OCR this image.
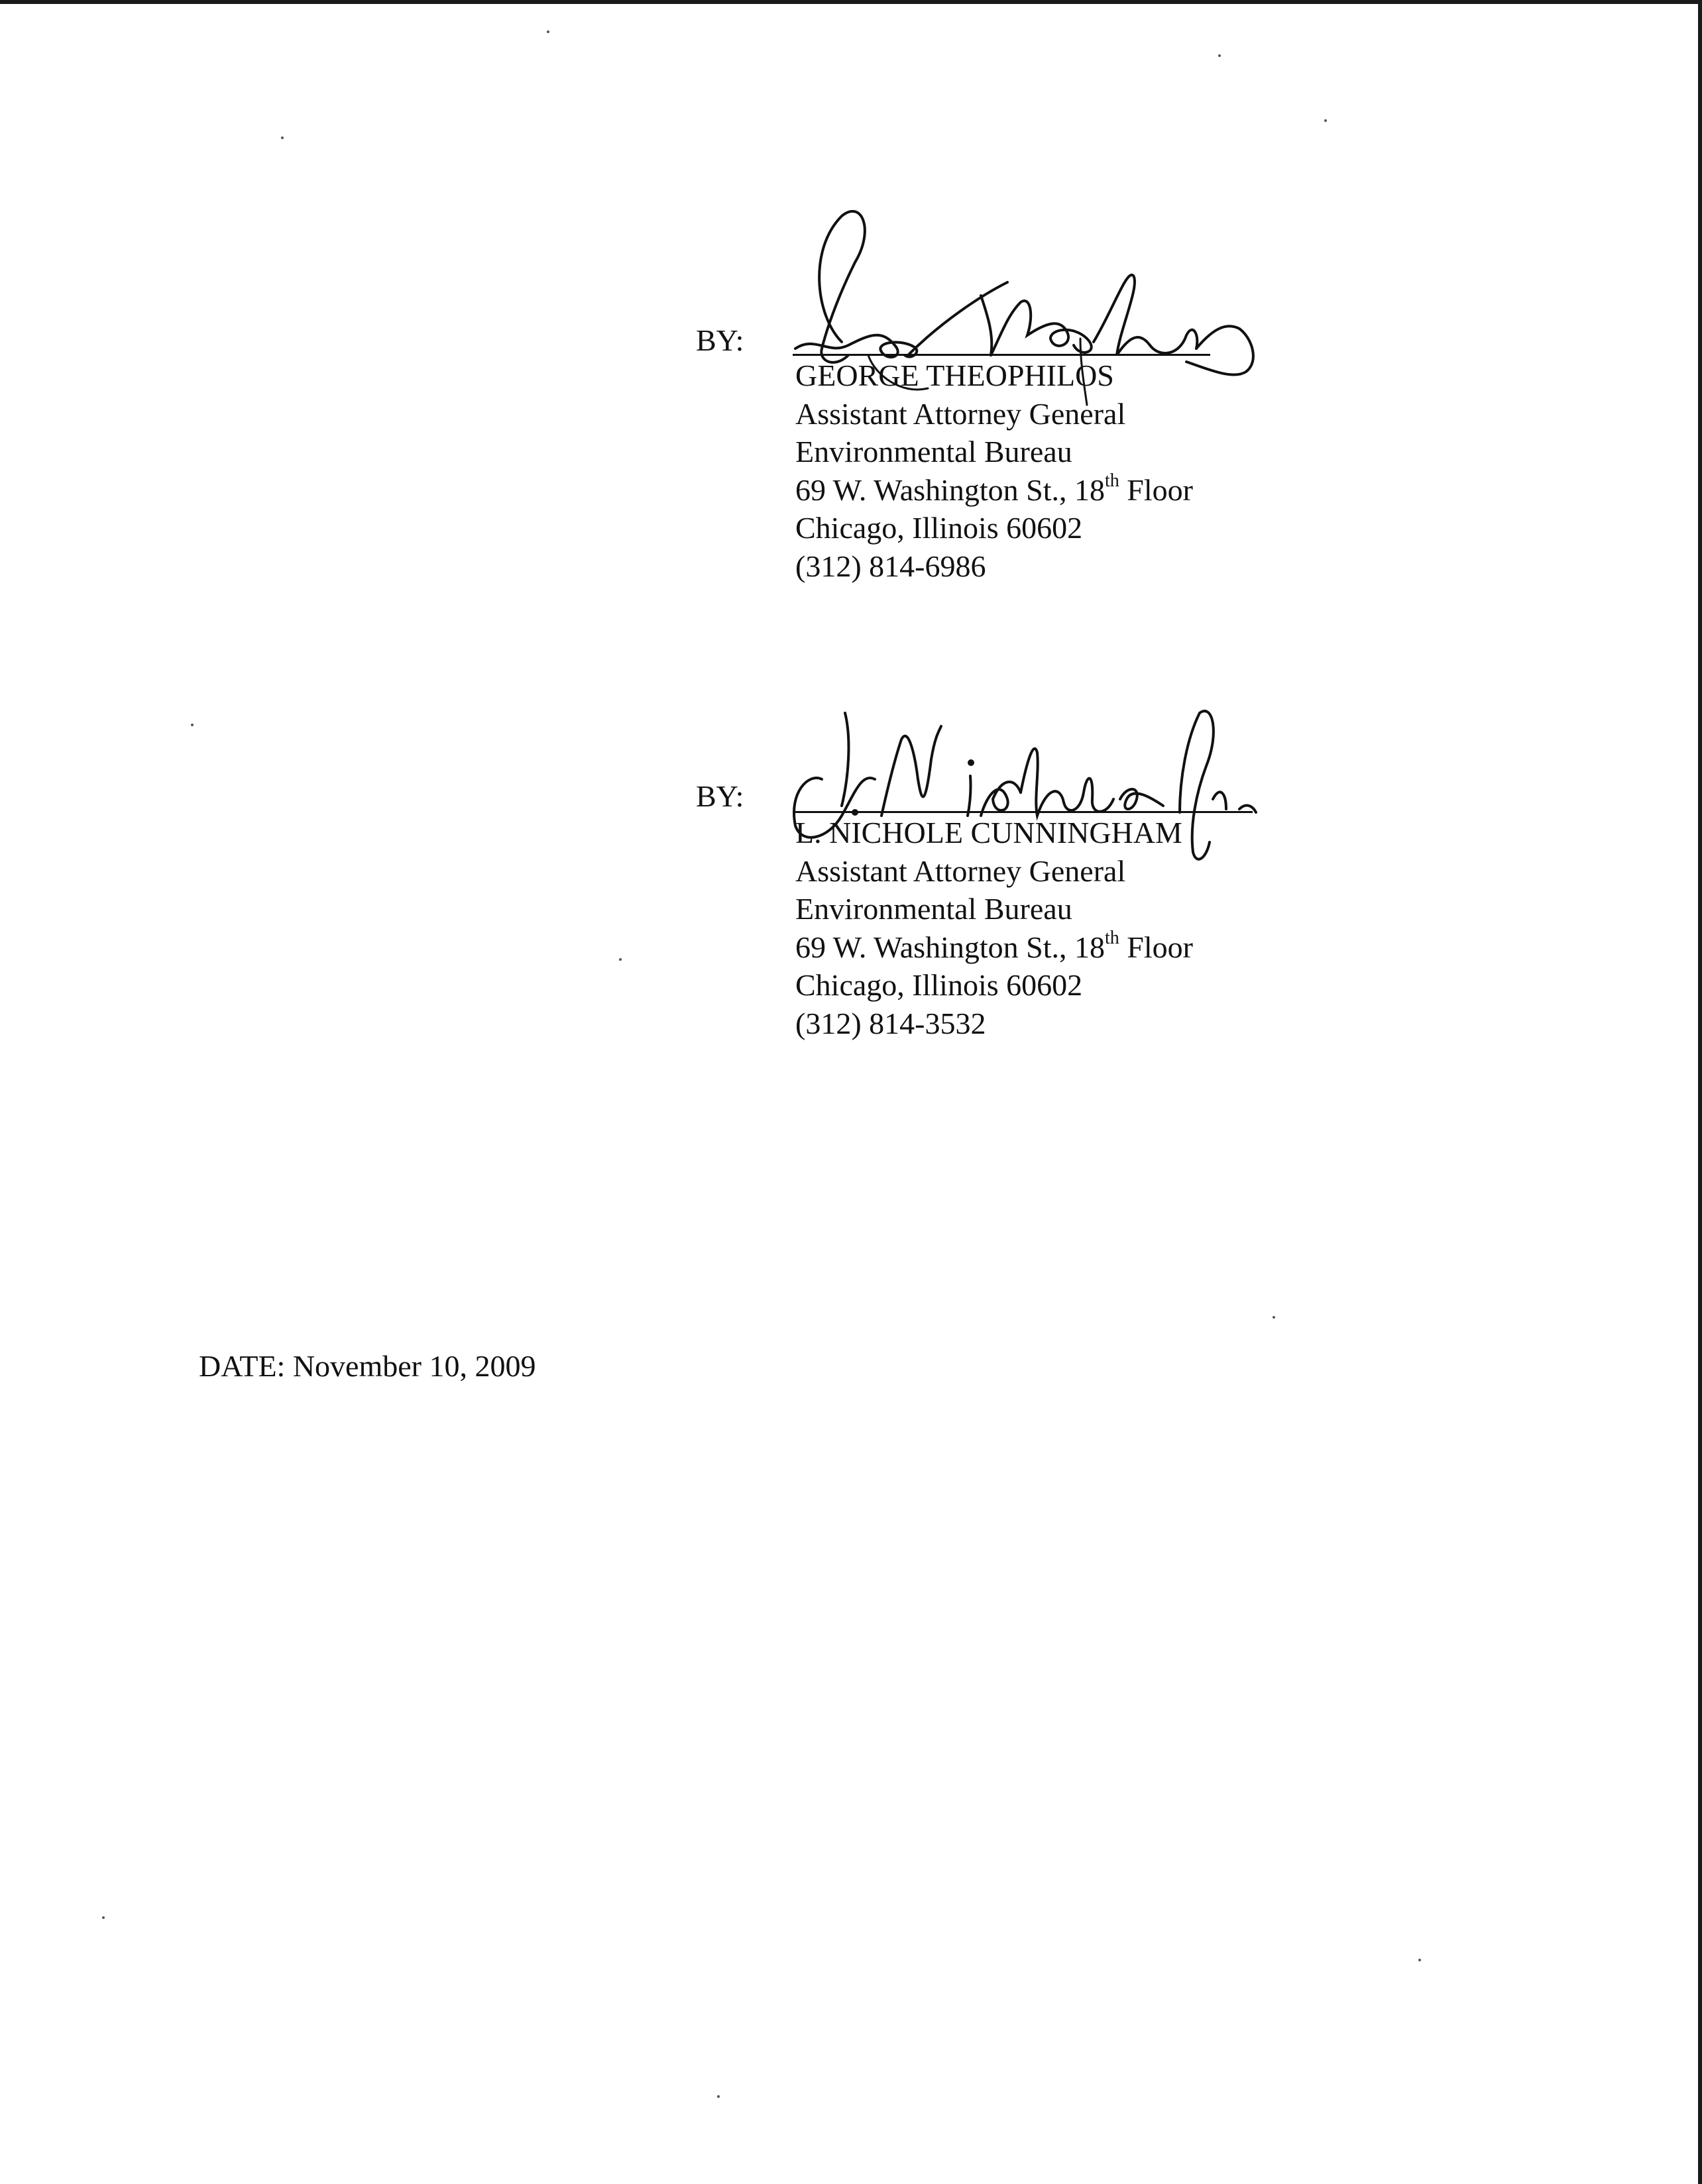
BY:
GEORGE THEOPHILOS
Assistant Attorney General
Environmental Bureau
69 W. Washington St., 18th Floor
Chicago, Illinois 60602
(312) 814-6986
BY:
L. NICHOLE CUNNINGHAM
Assistant Attorney General
Environmental Bureau
69 W. Washington St., 18th Floor
Chicago, Illinois 60602
(312) 814-3532
DATE: November 10, 2009
